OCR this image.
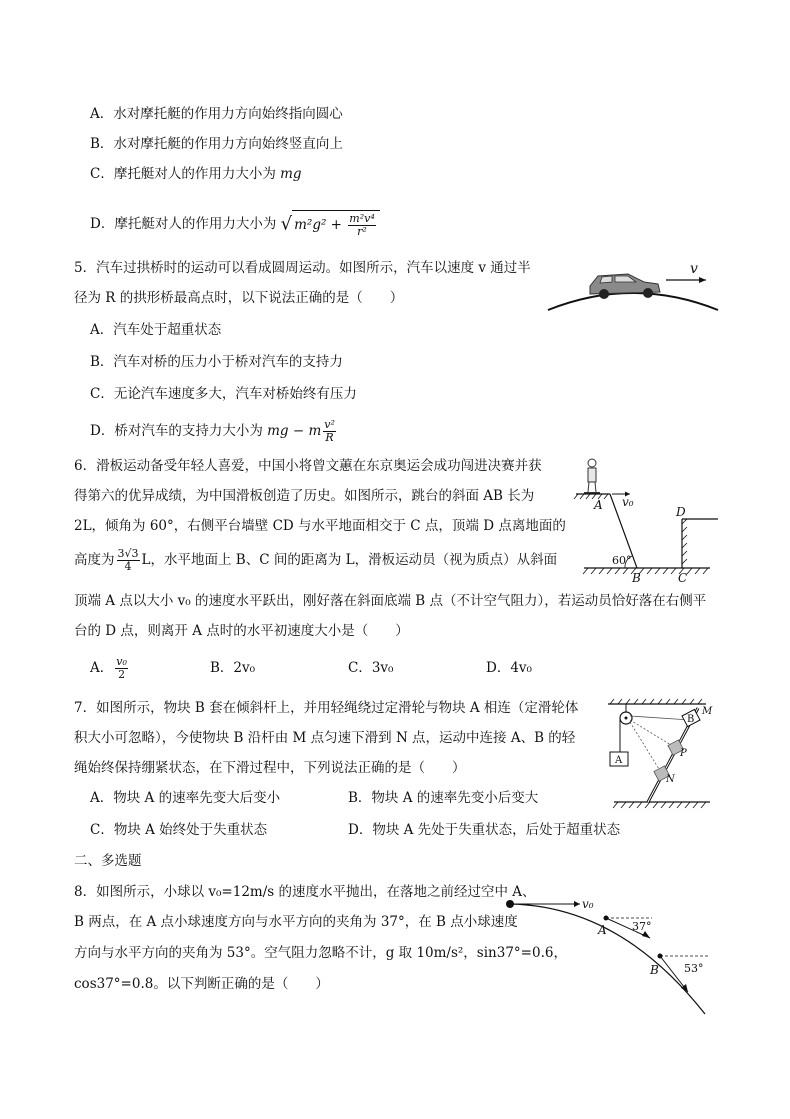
A．水对摩托艇的作用力方向始终指向圆心
B．水对摩托艇的作用力方向始终竖直向上
C．摩托艇对人的作用力大小为 mg
D．摩托艇对人的作用力大小为 √ $m^2g^2 + \frac{\text{m²v⁴}}{\text{r²}}$
5．汽车过拱桥时的运动可以看成圆周运动。如图所示，汽车以速度 v 通过半
径为 R 的拱形桥最高点时，以下说法正确的是（　　）
A．汽车处于超重状态
B．汽车对桥的压力小于桥对汽车的支持力
C．无论汽车速度多大，汽车对桥始终有压力
D．桥对汽车的支持力大小为 mg − m $\frac{\text{v²}}{R}$
v
6．滑板运动备受年轻人喜爱，中国小将曾文蕙在东京奥运会成功闯进决赛并获
得第六的优异成绩，为中国滑板创造了历史。如图所示，跳台的斜面 AB 长为
2L，倾角为 60°，右侧平台墙壁 CD 与水平地面相交于 C 点，顶端 D 点离地面的
高度为 $\frac{3√3}{4}$ L，水平地面上 B、C 间的距离为 L，滑板运动员（视为质点）从斜面
顶端 A 点以大小 v₀ 的速度水平跃出，刚好落在斜面底端 B 点（不计空气阻力），若运动员恰好落在右侧平
台的 D 点，则离开 A 点时的水平初速度大小是（　　）
A． $\frac{\text{v₀}}{2}$	B．2v₀	C．3v₀	D．4v₀
v₀
A
60°
D
B	C
7．如图所示，物块 B 套在倾斜杆上，并用轻绳绕过定滑轮与物块 A 相连（定滑轮体
积大小可忽略），今使物块 B 沿杆由 M 点匀速下滑到 N 点，运动中连接 A、B 的轻
绳始终保持绷紧状态，在下滑过程中，下列说法正确的是（　　）
A．物块 A 的速率先变大后变小	B．物块 A 的速率先变小后变大
C．物块 A 始终处于失重状态	D．物块 A 先处于失重状态，后处于超重状态
A
B
M
P
N
二、多选题
8．如图所示，小球以 v₀=12m/s 的速度水平抛出，在落地之前经过空中 A、
B 两点，在 A 点小球速度方向与水平方向的夹角为 37°，在 B 点小球速度
方向与水平方向的夹角为 53°。空气阻力忽略不计，g 取 10m/s²，sin37°=0.6，
cos37°=0.8。以下判断正确的是（　　）
v₀
A 37°
B 53°
